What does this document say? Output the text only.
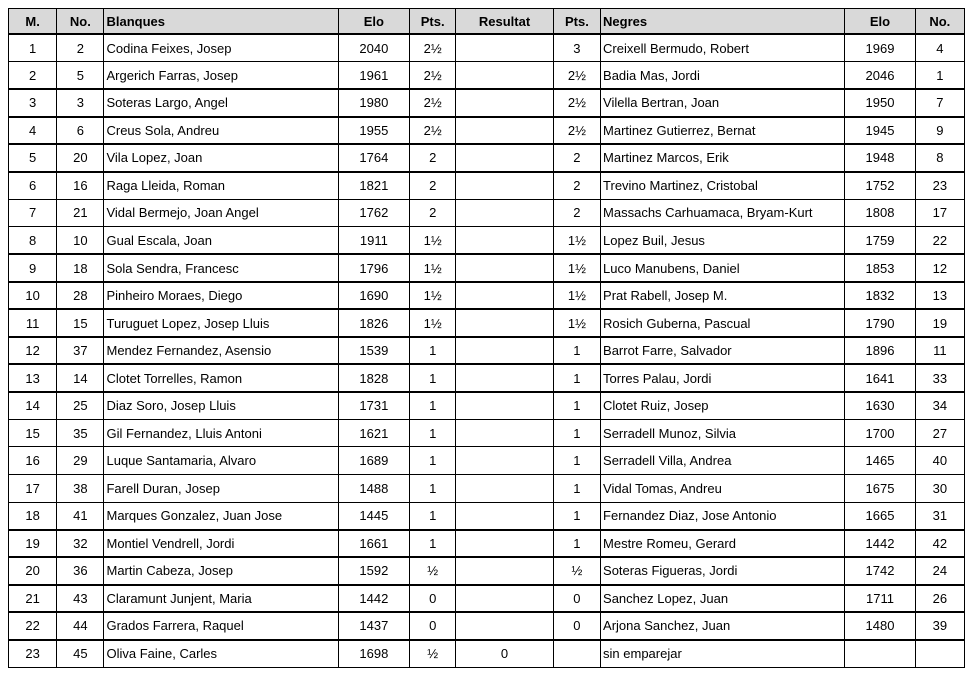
M.	No.	Blanques	Elo	Pts.	Resultat	Pts.	Negres	Elo	No.
1	2	Codina Feixes, Josep	2040	2½		3	Creixell Bermudo, Robert	1969	4
2	5	Argerich Farras, Josep	1961	2½		2½	Badia Mas, Jordi	2046	1
3	3	Soteras Largo, Angel	1980	2½		2½	Vilella Bertran, Joan	1950	7
4	6	Creus Sola, Andreu	1955	2½		2½	Martinez Gutierrez, Bernat	1945	9
5	20	Vila Lopez, Joan	1764	2		2	Martinez Marcos, Erik	1948	8
6	16	Raga Lleida, Roman	1821	2		2	Trevino Martinez, Cristobal	1752	23
7	21	Vidal Bermejo, Joan Angel	1762	2		2	Massachs Carhuamaca, Bryam-Kurt	1808	17
8	10	Gual Escala, Joan	1911	1½		1½	Lopez Buil, Jesus	1759	22
9	18	Sola Sendra, Francesc	1796	1½		1½	Luco Manubens, Daniel	1853	12
10	28	Pinheiro Moraes, Diego	1690	1½		1½	Prat Rabell, Josep M.	1832	13
11	15	Turuguet Lopez, Josep Lluis	1826	1½		1½	Rosich Guberna, Pascual	1790	19
12	37	Mendez Fernandez, Asensio	1539	1		1	Barrot Farre, Salvador	1896	11
13	14	Clotet Torrelles, Ramon	1828	1		1	Torres Palau, Jordi	1641	33
14	25	Diaz Soro, Josep Lluis	1731	1		1	Clotet Ruiz, Josep	1630	34
15	35	Gil Fernandez, Lluis Antoni	1621	1		1	Serradell Munoz, Silvia	1700	27
16	29	Luque Santamaria, Alvaro	1689	1		1	Serradell Villa, Andrea	1465	40
17	38	Farell Duran, Josep	1488	1		1	Vidal Tomas, Andreu	1675	30
18	41	Marques Gonzalez, Juan Jose	1445	1		1	Fernandez Diaz, Jose Antonio	1665	31
19	32	Montiel Vendrell, Jordi	1661	1		1	Mestre Romeu, Gerard	1442	42
20	36	Martin Cabeza, Josep	1592	½		½	Soteras Figueras, Jordi	1742	24
21	43	Claramunt Junjent, Maria	1442	0		0	Sanchez Lopez, Juan	1711	26
22	44	Grados Farrera, Raquel	1437	0		0	Arjona Sanchez, Juan	1480	39
23	45	Oliva Faine, Carles	1698	½	0		sin emparejar		
